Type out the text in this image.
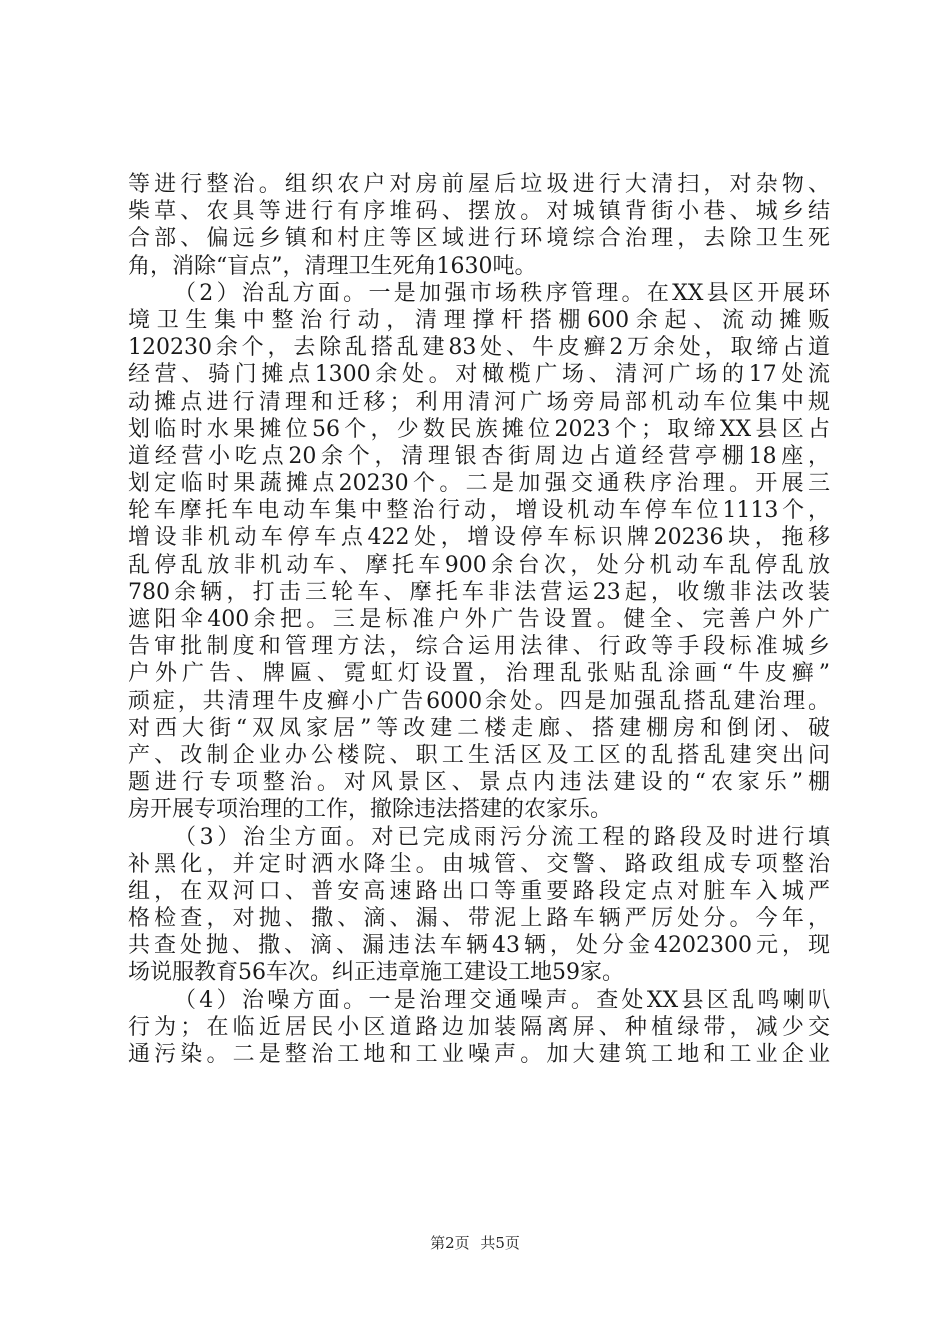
等进行整治。组织农户对房前屋后垃圾进行大清扫，对杂物、
柴草、农具等进行有序堆码、摆放。对城镇背街小巷、城乡结
合部、偏远乡镇和村庄等区域进行环境综合治理，去除卫生死
角，消除“盲点”，清理卫生死角1630吨。
（2）治乱方面。一是加强市场秩序管理。在XX县区开展环
境卫生集中整治行动，清理撑杆搭棚600余起、流动摊贩
120230余个，去除乱搭乱建83处、牛皮癣2万余处，取缔占道
经营、骑门摊点1300余处。对橄榄广场、清河广场的17处流
动摊点进行清理和迁移；利用清河广场旁局部机动车位集中规
划临时水果摊位56个，少数民族摊位2023个；取缔XX县区占
道经营小吃点20余个，清理银杏街周边占道经营亭棚18座，
划定临时果蔬摊点20230个。二是加强交通秩序治理。开展三
轮车摩托车电动车集中整治行动，增设机动车停车位1113个，
增设非机动车停车点422处，增设停车标识牌20236块，拖移
乱停乱放非机动车、摩托车900余台次，处分机动车乱停乱放
780余辆，打击三轮车、摩托车非法营运23起，收缴非法改装
遮阳伞400余把。三是标准户外广告设置。健全、完善户外广
告审批制度和管理方法，综合运用法律、行政等手段标准城乡
户外广告、牌匾、霓虹灯设置，治理乱张贴乱涂画“牛皮癣”
顽症，共清理牛皮癣小广告6000余处。四是加强乱搭乱建治理。
对西大街“双凤家居”等改建二楼走廊、搭建棚房和倒闭、破
产、改制企业办公楼院、职工生活区及工区的乱搭乱建突出问
题进行专项整治。对风景区、景点内违法建设的“农家乐”棚
房开展专项治理的工作，撤除违法搭建的农家乐。
（3）治尘方面。对已完成雨污分流工程的路段及时进行填
补黑化，并定时洒水降尘。由城管、交警、路政组成专项整治
组，在双河口、普安高速路出口等重要路段定点对脏车入城严
格检查，对抛、撒、滴、漏、带泥上路车辆严厉处分。今年，
共查处抛、撒、滴、漏违法车辆43辆，处分金4202300元，现
场说服教育56车次。纠正违章施工建设工地59家。
（4）治噪方面。一是治理交通噪声。查处XX县区乱鸣喇叭
行为；在临近居民小区道路边加装隔离屏、种植绿带，减少交
通污染。二是整治工地和工业噪声。加大建筑工地和工业企业
第2页 共5页
